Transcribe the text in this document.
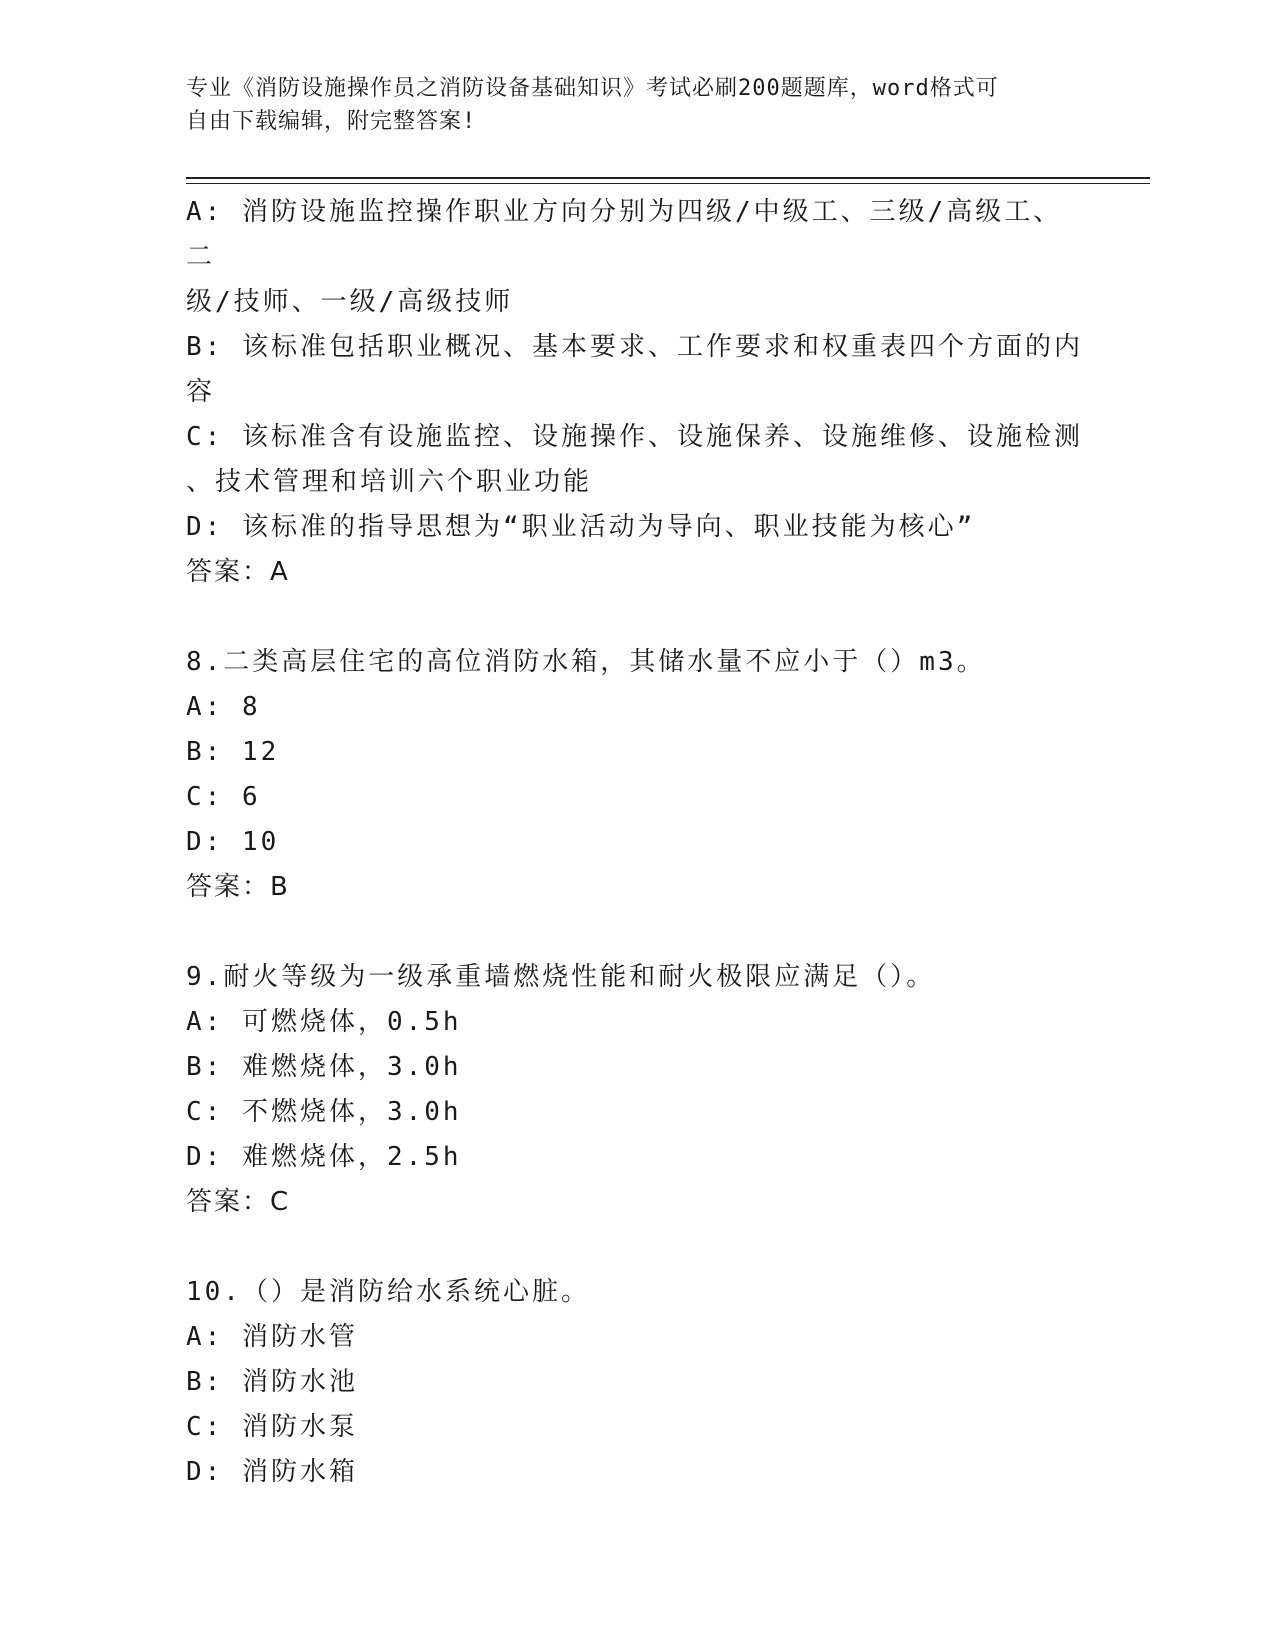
专业《消防设施操作员之消防设备基础知识》考试必刷200题题库，word格式可
自由下载编辑，附完整答案!
A: 消防设施监控操作职业方向分别为四级/中级工、三级/高级工、二
级/技师、一级/高级技师
B: 该标准包括职业概况、基本要求、工作要求和权重表四个方面的内
容
C: 该标准含有设施监控、设施操作、设施保养、设施维修、设施检测
、技术管理和培训六个职业功能
D: 该标准的指导思想为“职业活动为导向、职业技能为核心”
答案：A
8.二类高层住宅的高位消防水箱，其储水量不应小于（）m3。
A: 8
B: 12
C: 6
D: 10
答案：B
9.耐火等级为一级承重墙燃烧性能和耐火极限应满足（）。
A: 可燃烧体，0.5h
B: 难燃烧体，3.0h
C: 不燃烧体，3.0h
D: 难燃烧体，2.5h
答案：C
10.（）是消防给水系统心脏。
A: 消防水管
B: 消防水池
C: 消防水泵
D: 消防水箱
